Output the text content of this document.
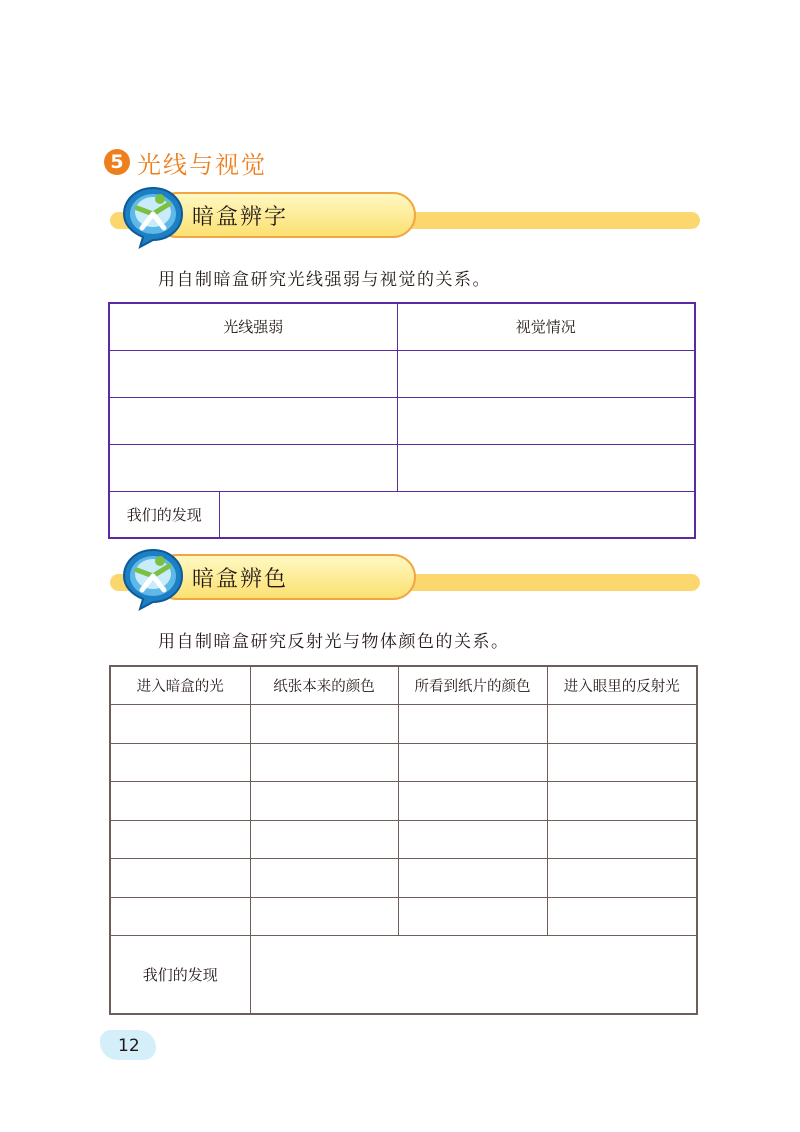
5 光线与视觉
暗盒辨字
用自制暗盒研究光线强弱与视觉的关系。
光线强弱		视觉情况

我们的发现		
暗盒辨色
用自制暗盒研究反射光与物体颜色的关系。
进入暗盒的光	纸张本来的颜色	所看到纸片的颜色	进入眼里的反射光

我们的发现			
12
